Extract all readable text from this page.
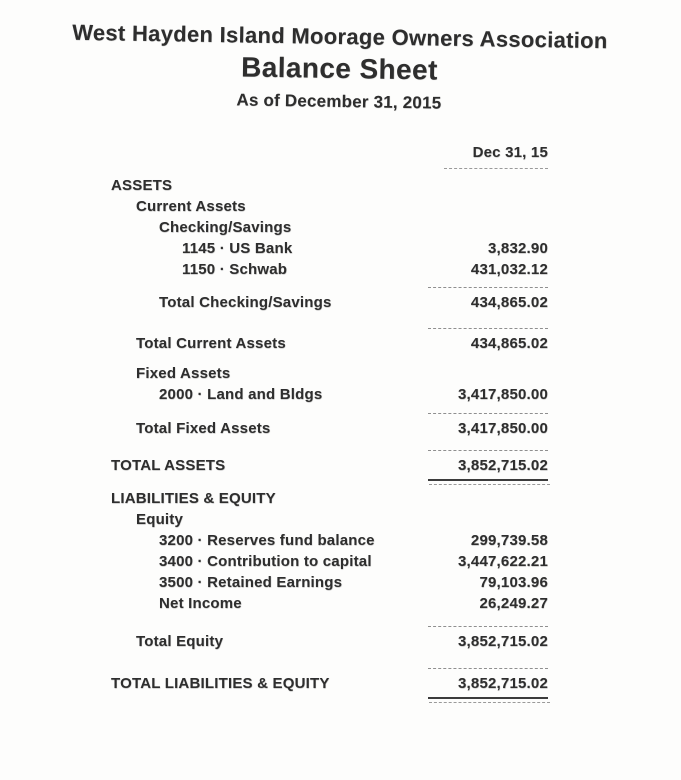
West Hayden Island Moorage Owners Association
Balance Sheet
As of December 31, 2015
Dec 31, 15
ASSETS
Current Assets
Checking/Savings
1145 · US Bank	3,832.90
1150 · Schwab	431,032.12
Total Checking/Savings	434,865.02
Total Current Assets	434,865.02
Fixed Assets
2000 · Land and Bldgs	3,417,850.00
Total Fixed Assets	3,417,850.00
TOTAL ASSETS	3,852,715.02
LIABILITIES & EQUITY
Equity
3200 · Reserves fund balance	299,739.58
3400 · Contribution to capital	3,447,622.21
3500 · Retained Earnings	79,103.96
Net Income	26,249.27
Total Equity	3,852,715.02
TOTAL LIABILITIES & EQUITY	3,852,715.02
